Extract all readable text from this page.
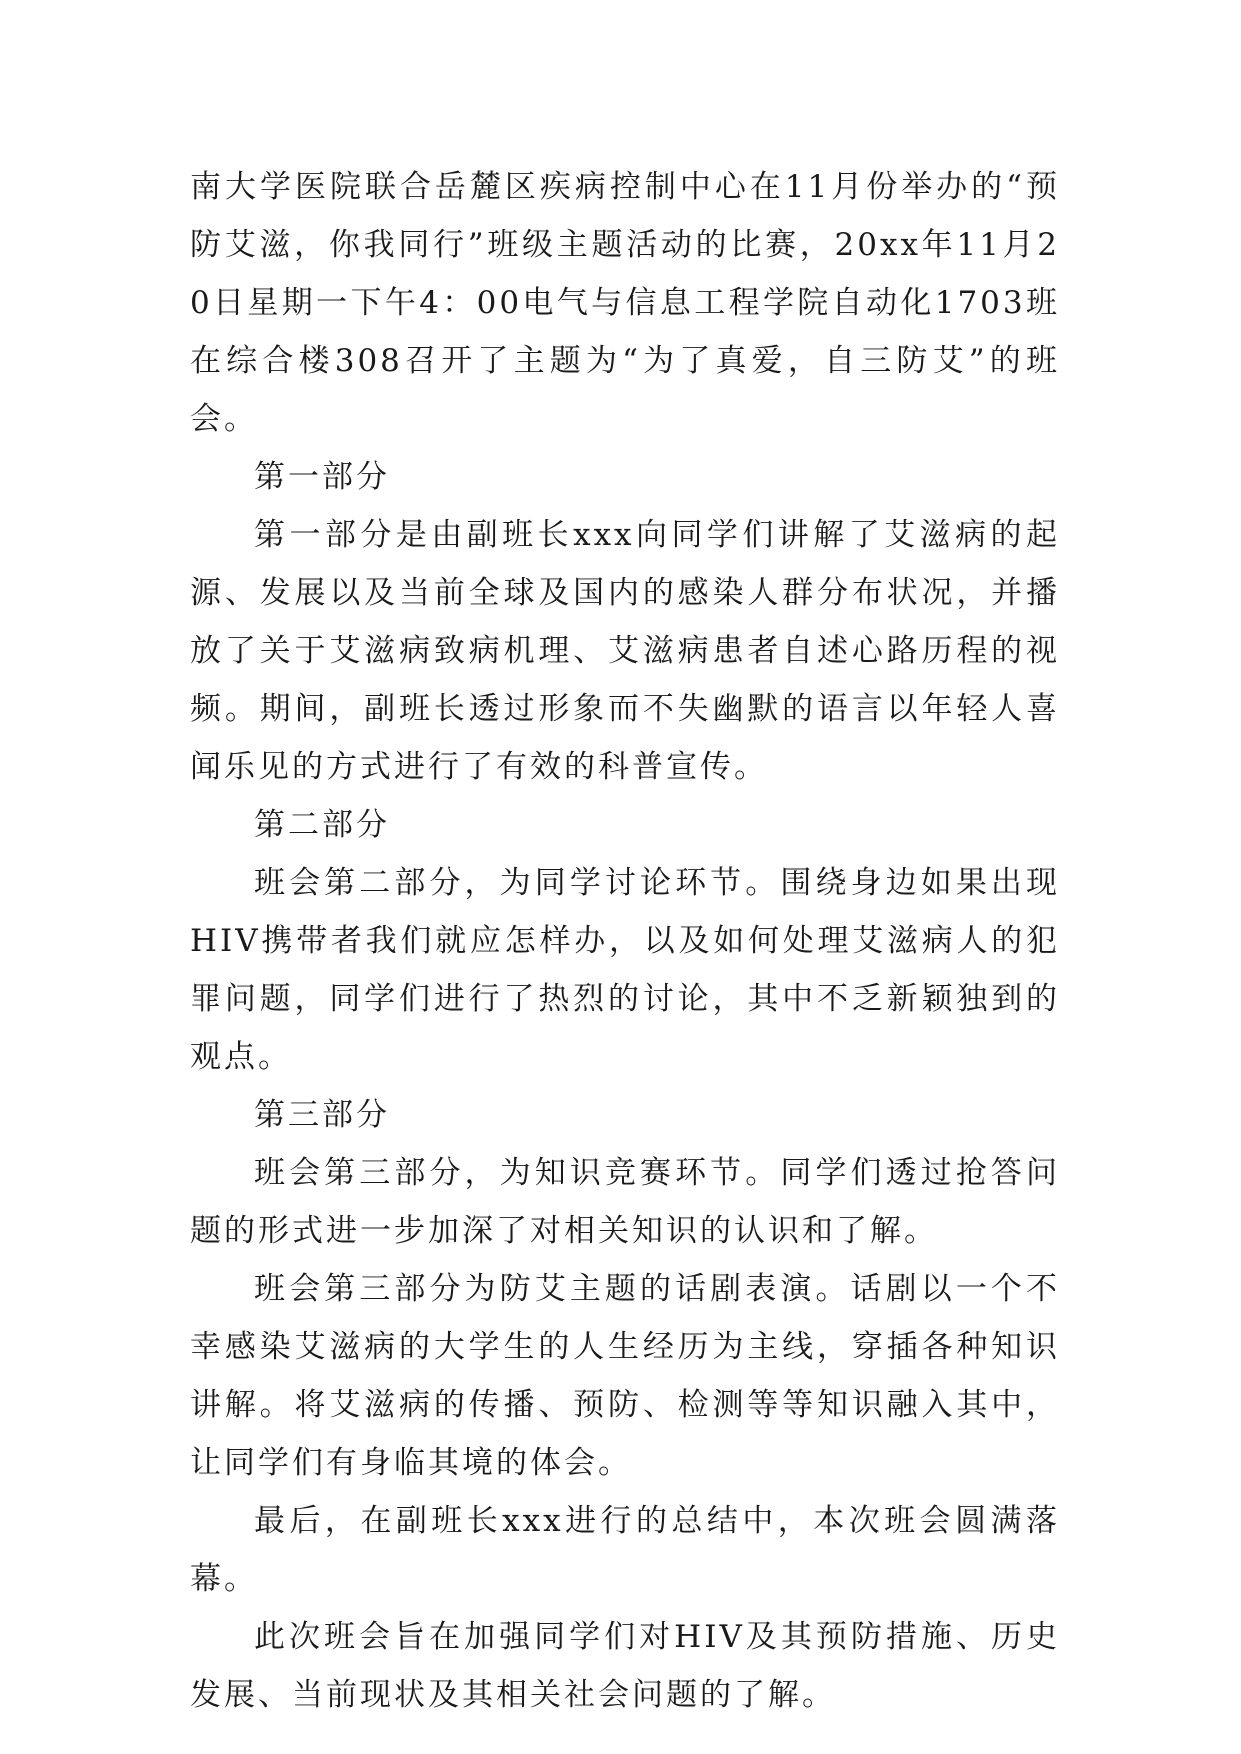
南大学医院联合岳麓区疾病控制中心在11月份举办的“预防艾滋，你我同行”班级主题活动的比赛，20xx年11月20日星期一下午4：00电气与信息工程学院自动化1703班在综合楼308召开了主题为“为了真爱，自三防艾”的班会。

第一部分

第一部分是由副班长xxx向同学们讲解了艾滋病的起源、发展以及当前全球及国内的感染人群分布状况，并播放了关于艾滋病致病机理、艾滋病患者自述心路历程的视频。期间，副班长透过形象而不失幽默的语言以年轻人喜闻乐见的方式进行了有效的科普宣传。

第二部分

班会第二部分，为同学讨论环节。围绕身边如果出现HIV携带者我们就应怎样办，以及如何处理艾滋病人的犯罪问题，同学们进行了热烈的讨论，其中不乏新颖独到的观点。

第三部分

班会第三部分，为知识竞赛环节。同学们透过抢答问题的形式进一步加深了对相关知识的认识和了解。

班会第三部分为防艾主题的话剧表演。话剧以一个不幸感染艾滋病的大学生的人生经历为主线，穿插各种知识讲解。将艾滋病的传播、预防、检测等等知识融入其中，让同学们有身临其境的体会。

最后，在副班长xxx进行的总结中，本次班会圆满落幕。

此次班会旨在加强同学们对HIV及其预防措施、历史发展、当前现状及其相关社会问题的了解。
